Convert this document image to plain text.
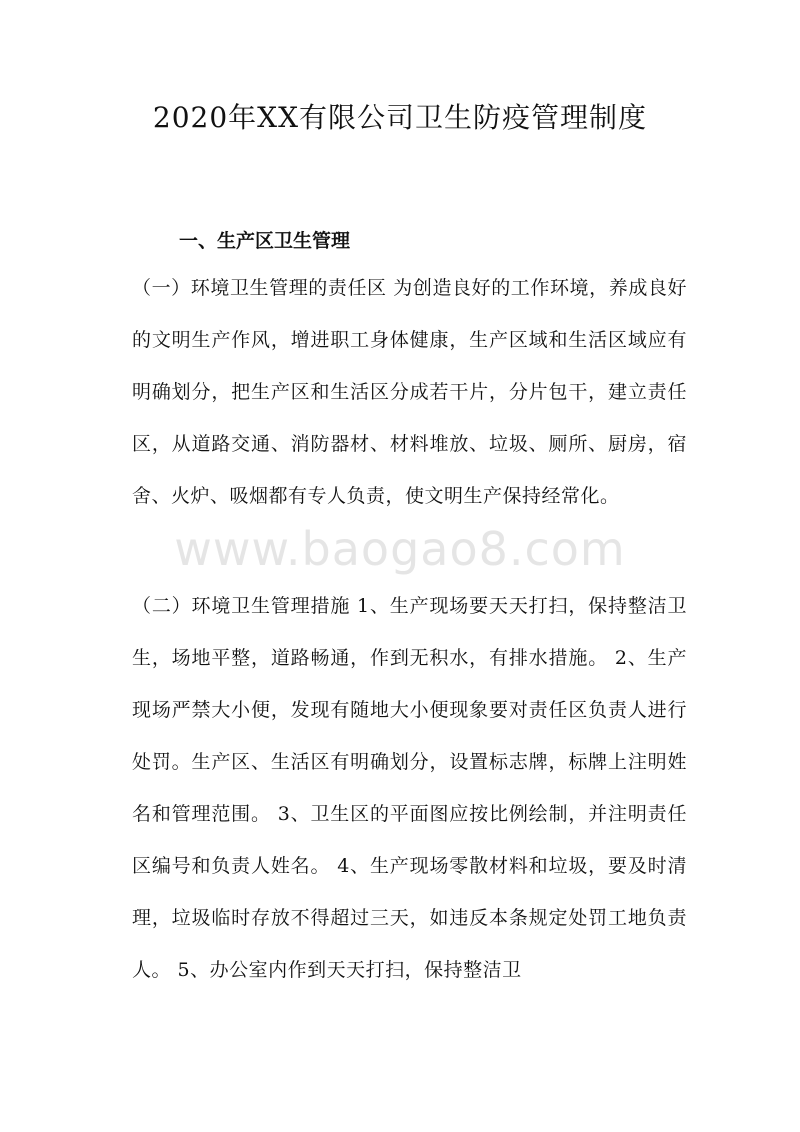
2020年XX有限公司卫生防疫管理制度
一、生产区卫生管理

（一）环境卫生管理的责任区 为创造良好的工作环境，养成良好的文明生产作风，增进职工身体健康，生产区域和生活区域应有明确划分，把生产区和生活区分成若干片，分片包干，建立责任区，从道路交通、消防器材、材料堆放、垃圾、厕所、厨房，宿舍、火炉、吸烟都有专人负责，使文明生产保持经常化。

www.baogao8.com

（二）环境卫生管理措施 1、生产现场要天天打扫，保持整洁卫生，场地平整，道路畅通，作到无积水，有排水措施。 2、生产现场严禁大小便，发现有随地大小便现象要对责任区负责人进行处罚。生产区、生活区有明确划分，设置标志牌，标牌上注明姓名和管理范围。 3、卫生区的平面图应按比例绘制，并注明责任区编号和负责人姓名。 4、生产现场零散材料和垃圾，要及时清理，垃圾临时存放不得超过三天，如违反本条规定处罚工地负责人。 5、办公室内作到天天打扫，保持整洁卫
